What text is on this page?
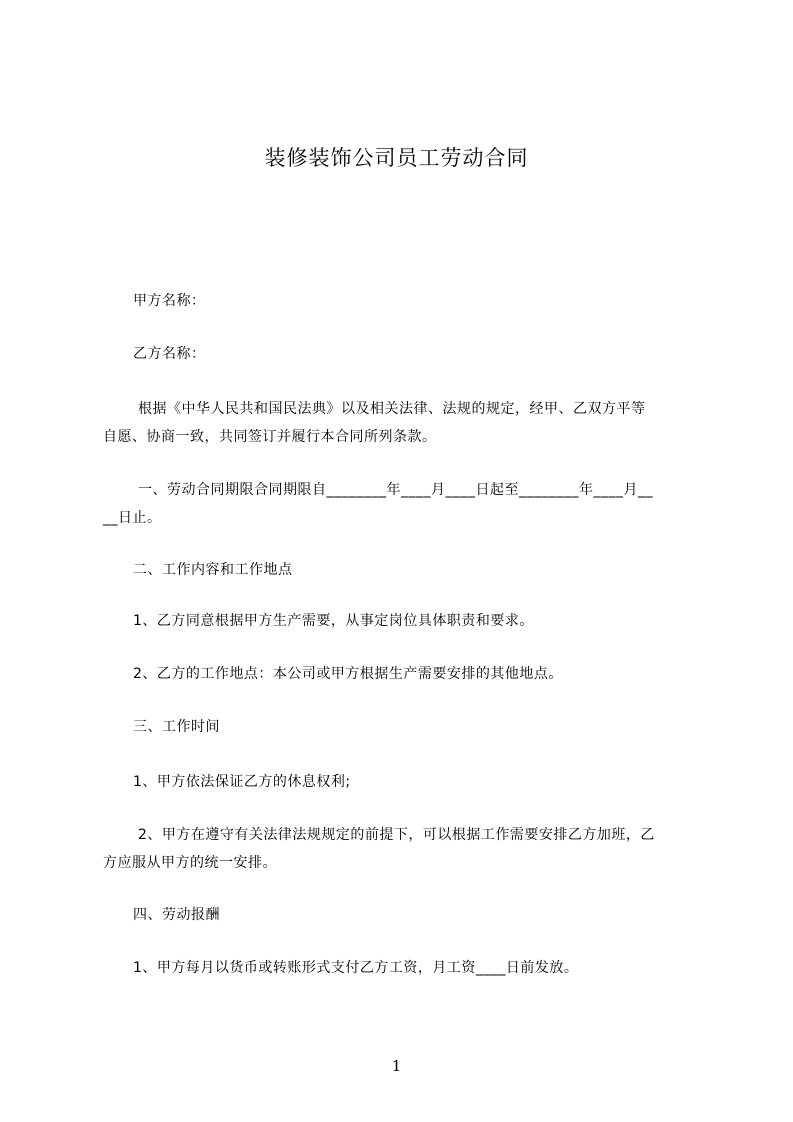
装修装饰公司员工劳动合同
甲方名称：
乙方名称：
根据《中华人民共和国民法典》以及相关法律、法规的规定，经甲、乙双方平等
自愿、协商一致，共同签订并履行本合同所列条款。
一、劳动合同期限合同期限自________年____月____日起至________年____月__
__日止。
二、工作内容和工作地点
1、乙方同意根据甲方生产需要，从事定岗位具体职责和要求。
2、乙方的工作地点：本公司或甲方根据生产需要安排的其他地点。
三、工作时间
1、甲方依法保证乙方的休息权利;
2、甲方在遵守有关法律法规规定的前提下，可以根据工作需要安排乙方加班，乙
方应服从甲方的统一安排。
四、劳动报酬
1、甲方每月以货币或转账形式支付乙方工资，月工资____日前发放。
1
